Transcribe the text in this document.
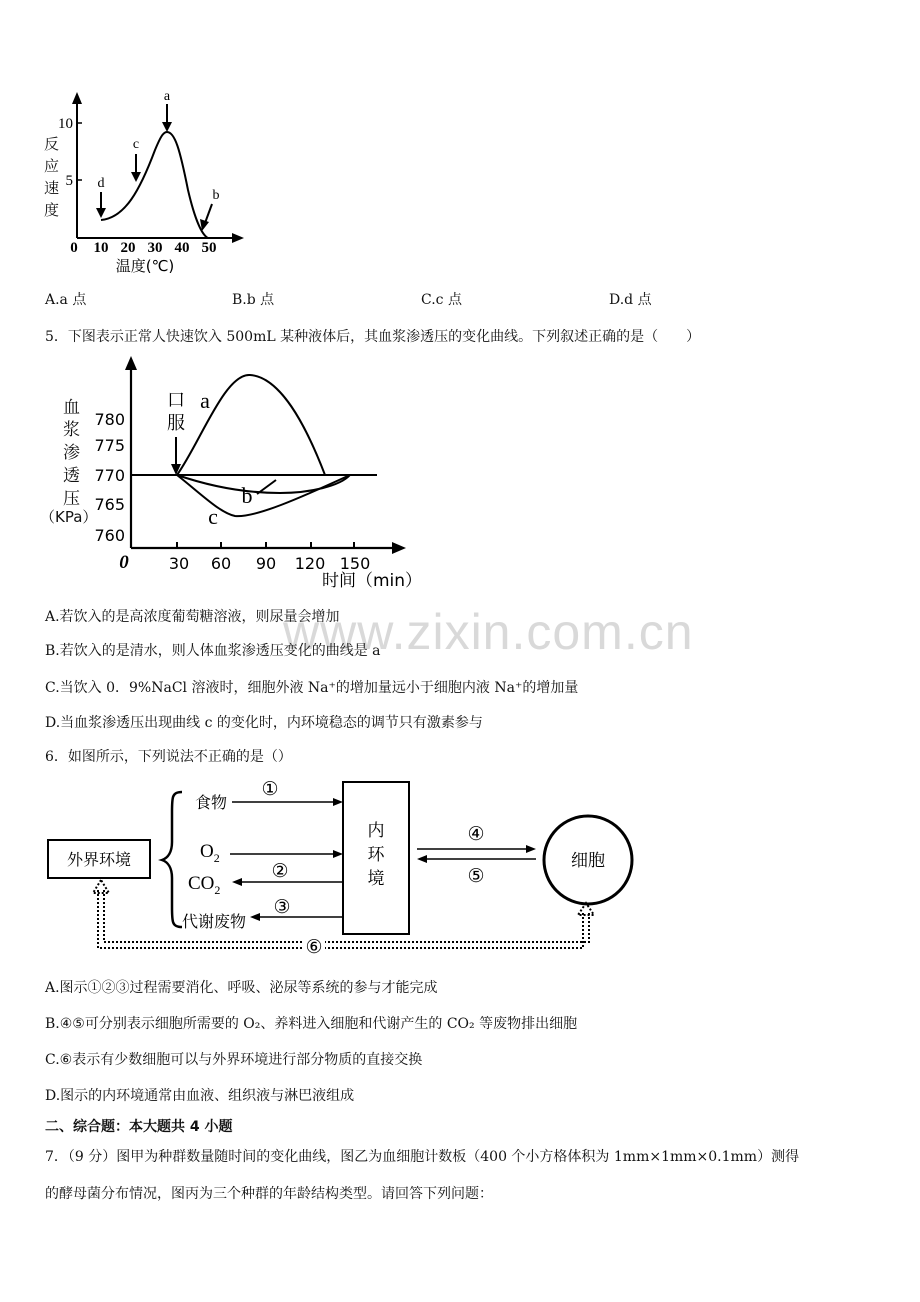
10
5
0 10 20 30 40 50
温度(℃)
a
c
d
b
反应速度
A.a 点	B.b 点	C.c 点	D.d 点
5．下图表示正常人快速饮入 500mL 某种液体后，其血浆渗透压的变化曲线。下列叙述正确的是（　　）
780
775
770
765
760
0	30 60 90 120 150
时间（min）
a
b
c
口
服
血
浆
渗
透
压
（KPa）
www.zixin.com.cn
A.若饮入的是高浓度葡萄糖溶液，则尿量会增加
B.若饮入的是清水，则人体血浆渗透压变化的曲线是 a
C.当饮入 0．9%NaCl 溶液时，细胞外液 Na⁺的增加量远小于细胞内液 Na⁺的增加量
D.当血浆渗透压出现曲线 c 的变化时，内环境稳态的调节只有激素参与
6．如图所示，下列说法不正确的是（）
外界环境
食物
①
$O_2$
$CO_2$
②
代谢废物
③
内
环
境
④
⑤
细胞
⑥
A.图示①②③过程需要消化、呼吸、泌尿等系统的参与才能完成
B.④⑤可分别表示细胞所需要的 O₂、养料进入细胞和代谢产生的 CO₂ 等废物排出细胞
C.⑥表示有少数细胞可以与外界环境进行部分物质的直接交换
D.图示的内环境通常由血液、组织液与淋巴液组成
二、综合题：本大题共 4 小题
7．（9 分）图甲为种群数量随时间的变化曲线，图乙为血细胞计数板（400 个小方格体积为 1mm×1mm×0.1mm）测得
的酵母菌分布情况，图丙为三个种群的年龄结构类型。请回答下列问题：
